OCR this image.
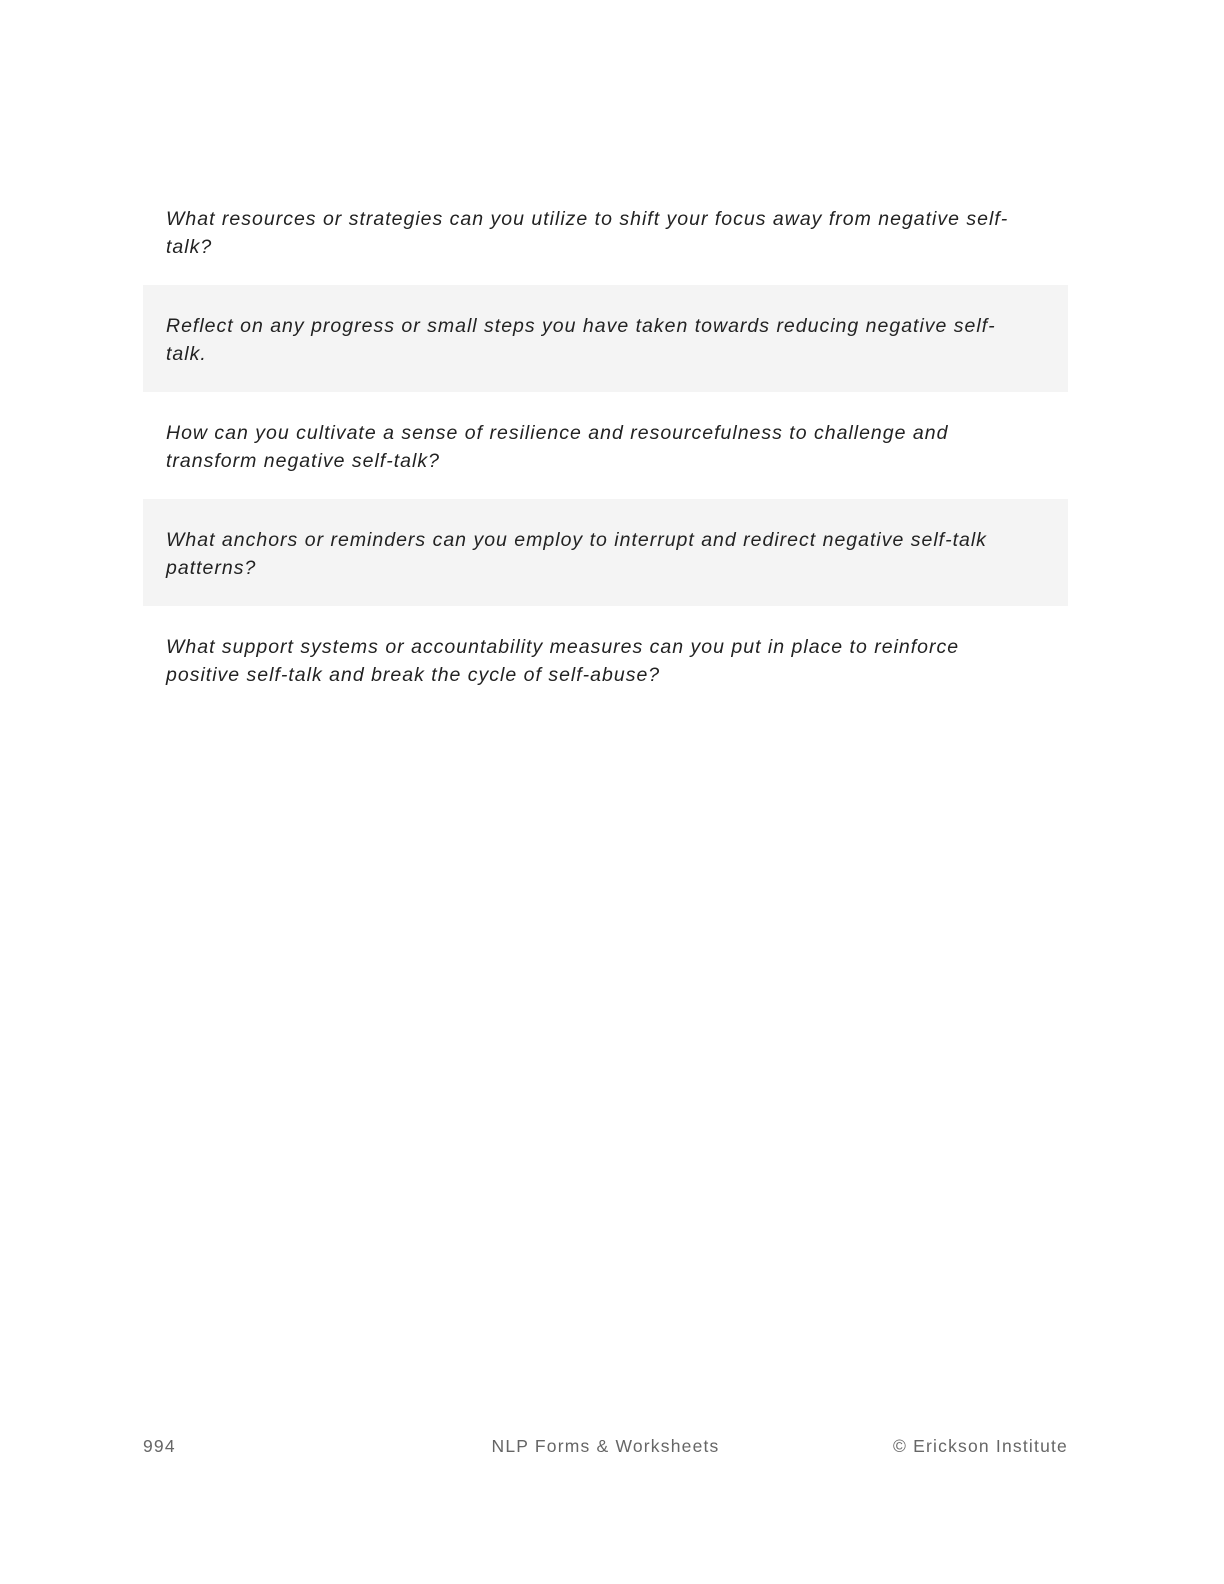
What resources or strategies can you utilize to shift your focus away from negative self-talk?

Reflect on any progress or small steps you have taken towards reducing negative self-talk.

How can you cultivate a sense of resilience and resourcefulness to challenge and transform negative self-talk?

What anchors or reminders can you employ to interrupt and redirect negative self-talk patterns?

What support systems or accountability measures can you put in place to reinforce positive self-talk and break the cycle of self-abuse?

994	NLP Forms & Worksheets	© Erickson Institute
